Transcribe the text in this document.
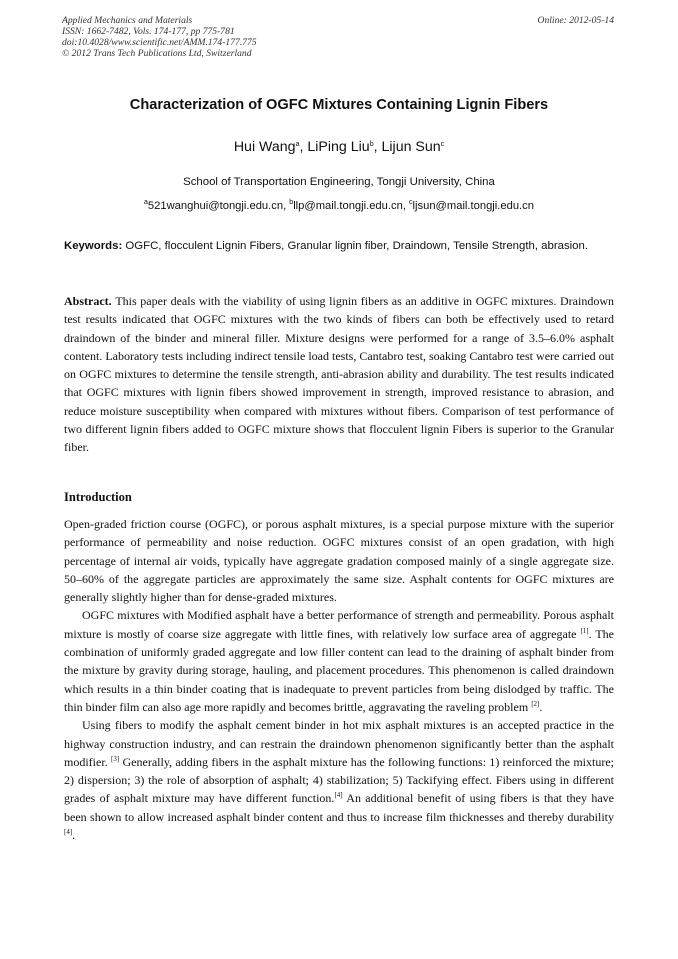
Applied Mechanics and Materials
ISSN: 1662-7482, Vols. 174-177, pp 775-781
doi:10.4028/www.scientific.net/AMM.174-177.775
© 2012 Trans Tech Publications Ltd, Switzerland
Online: 2012-05-14
Characterization of OGFC Mixtures Containing Lignin Fibers
Hui Wang$^a$, LiPing Liu$^b$, Lijun Sun$^c$
School of Transportation Engineering, Tongji University, China
$^a$521wanghui@tongji.edu.cn, $^b$llp@mail.tongji.edu.cn, $^c$ljsun@mail.tongji.edu.cn
Keywords: OGFC, flocculent Lignin Fibers, Granular lignin fiber, Draindown, Tensile Strength, abrasion.
Abstract. This paper deals with the viability of using lignin fibers as an additive in OGFC mixtures. Draindown test results indicated that OGFC mixtures with the two kinds of fibers can both be effectively used to retard draindown of the binder and mineral filler. Mixture designs were performed for a range of 3.5–6.0% asphalt content. Laboratory tests including indirect tensile load tests, Cantabro test, soaking Cantabro test were carried out on OGFC mixtures to determine the tensile strength, anti-abrasion ability and durability. The test results indicated that OGFC mixtures with lignin fibers showed improvement in strength, improved resistance to abrasion, and reduce moisture susceptibility when compared with mixtures without fibers. Comparison of test performance of two different lignin fibers added to OGFC mixture shows that flocculent lignin Fibers is superior to the Granular fiber.
Introduction

Open-graded friction course (OGFC), or porous asphalt mixtures, is a special purpose mixture with the superior performance of permeability and noise reduction. OGFC mixtures consist of an open gradation, with high percentage of internal air voids, typically have aggregate gradation composed mainly of a single aggregate size. 50–60% of the aggregate particles are approximately the same size. Asphalt contents for OGFC mixtures are generally slightly higher than for dense-graded mixtures.

OGFC mixtures with Modified asphalt have a better performance of strength and permeability. Porous asphalt mixture is mostly of coarse size aggregate with little fines, with relatively low surface area of aggregate [1]. The combination of uniformly graded aggregate and low filler content can lead to the draining of asphalt binder from the mixture by gravity during storage, hauling, and placement procedures. This phenomenon is called draindown which results in a thin binder coating that is inadequate to prevent particles from being dislodged by traffic. The thin binder film can also age more rapidly and becomes brittle, aggravating the raveling problem [2].

Using fibers to modify the asphalt cement binder in hot mix asphalt mixtures is an accepted practice in the highway construction industry, and can restrain the draindown phenomenon significantly better than the asphalt modifier. [3] Generally, adding fibers in the asphalt mixture has the following functions: 1) reinforced the mixture; 2) dispersion; 3) the role of absorption of asphalt; 4) stabilization; 5) Tackifying effect. Fibers using in different grades of asphalt mixture may have different function.[4] An additional benefit of using fibers is that they have been shown to allow increased asphalt binder content and thus to increase film thicknesses and thereby durability [4].
